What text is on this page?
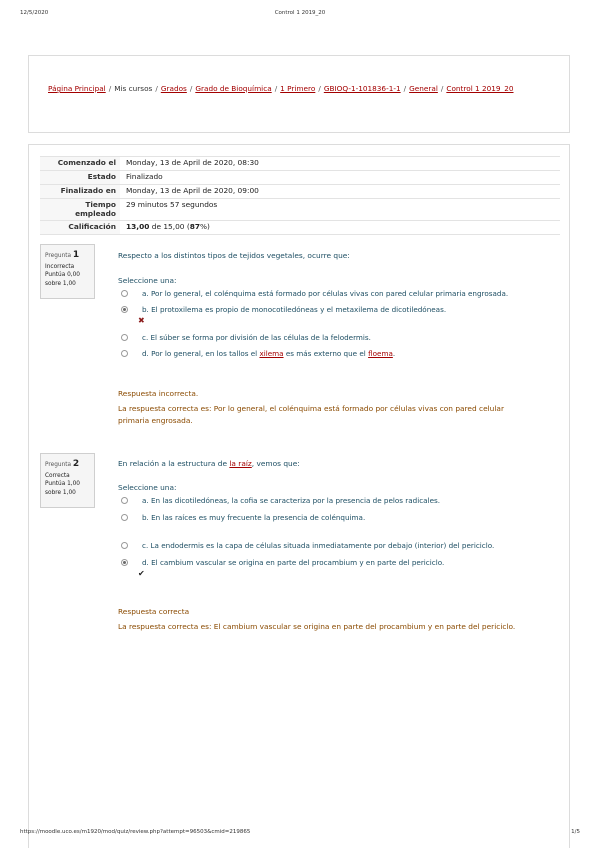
12/5/2020	Control 1 2019_20
Página Principal / Mis cursos / Grados / Grado de Bioquímica / 1 Primero / GBIOQ-1-101836-1-1 / General / Control 1 2019_20
Comenzado el	Monday, 13 de April de 2020, 08:30
Estado	Finalizado
Finalizado en	Monday, 13 de April de 2020, 09:00
Tiempo empleado	29 minutos 57 segundos
Calificación	13,00 de 15,00 (87%)
Pregunta 1
Incorrecta
Puntúa 0,00
sobre 1,00
Respecto a los distintos tipos de tejidos vegetales, ocurre que:
Seleccione una:
a. Por lo general, el colénquima está formado por células vivas con pared celular primaria engrosada.
b. El protoxilema es propio de monocotiledóneas y el metaxilema de dicotiledóneas.
✖
c. El súber se forma por división de las células de la felodermis.
d. Por lo general, en los tallos el xilema es más externo que el floema.
Respuesta incorrecta.
La respuesta correcta es: Por lo general, el colénquima está formado por células vivas con pared celular primaria engrosada.
Pregunta 2
Correcta
Puntúa 1,00
sobre 1,00
En relación a la estructura de la raíz, vemos que:
Seleccione una:
a. En las dicotiledóneas, la cofia se caracteriza por la presencia de pelos radicales.
b. En las raíces es muy frecuente la presencia de colénquima.
c. La endodermis es la capa de células situada inmediatamente por debajo (interior) del periciclo.
d. El cambium vascular se origina en parte del procambium y en parte del periciclo.
✔
Respuesta correcta
La respuesta correcta es: El cambium vascular se origina en parte del procambium y en parte del periciclo.
https://moodle.uco.es/m1920/mod/quiz/review.php?attempt=96503&cmid=219865	1/5
